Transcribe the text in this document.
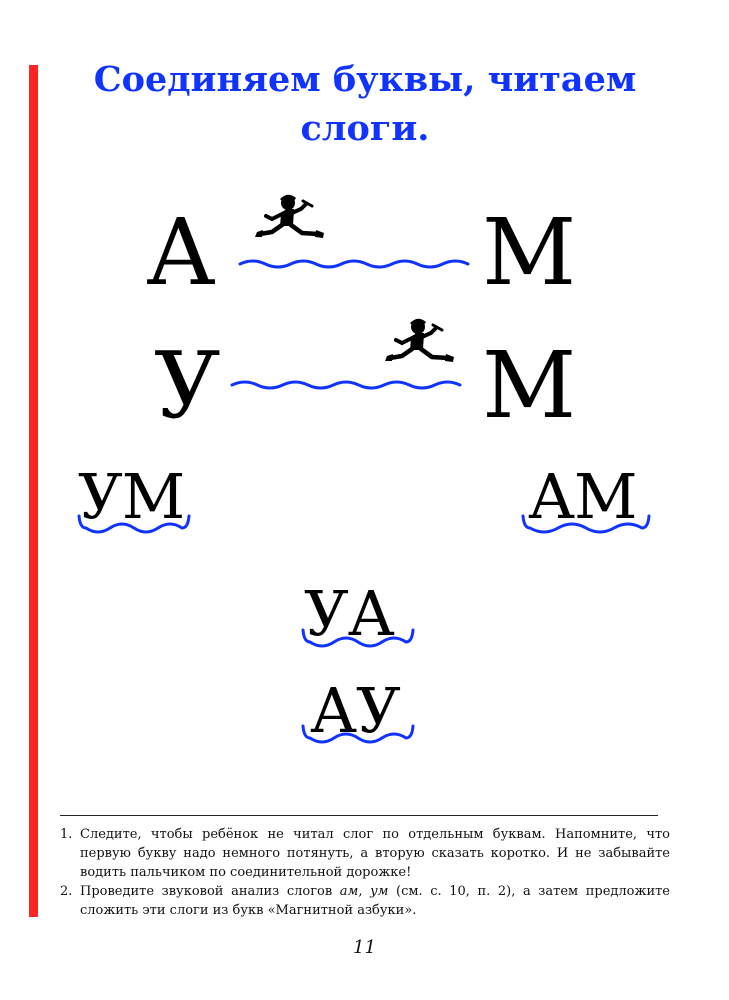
Соединяем буквы, читаем слоги.
А	М
У	М
УМ	АМ
УА
АУ
1. Следите, чтобы ребёнок не читал слог по отдельным буквам. Напомните, что первую букву надо немного потянуть, а вторую сказать коротко. И не забывайте водить пальчиком по соединительной дорожке!
2. Проведите звуковой анализ слогов ам, ум (см. с. 10, п. 2), а затем предложите сложить эти слоги из букв «Магнитной азбуки».
11
